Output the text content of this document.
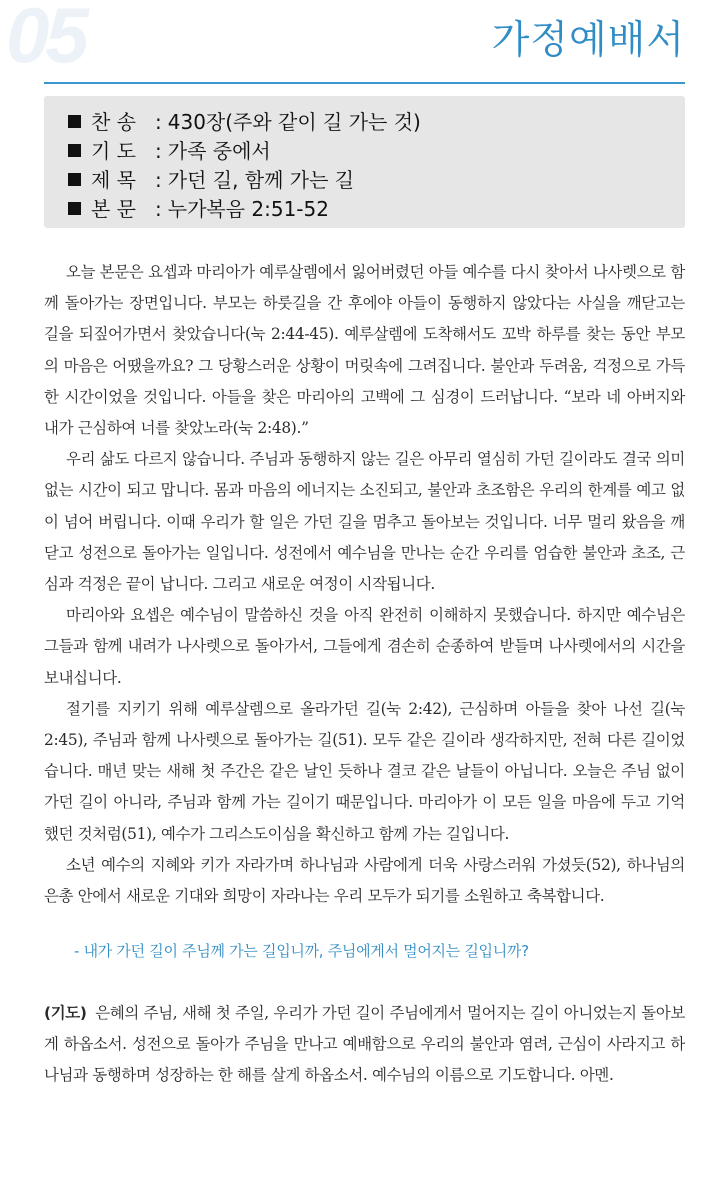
05	가정예배서
찬 송 : 430장(주와 같이 길 가는 것)
기 도 : 가족 중에서
제 목 : 가던 길, 함께 가는 길
본 문 : 누가복음 2:51-52

오늘 본문은 요셉과 마리아가 예루살렘에서 잃어버렸던 아들 예수를 다시 찾아서 나사렛으로 함께 돌아가는 장면입니다. 부모는 하룻길을 간 후에야 아들이 동행하지 않았다는 사실을 깨닫고는 길을 되짚어가면서 찾았습니다(눅 2:44-45). 예루살렘에 도착해서도 꼬박 하루를 찾는 동안 부모의 마음은 어땠을까요? 그 당황스러운 상황이 머릿속에 그려집니다. 불안과 두려움, 걱정으로 가득한 시간이었을 것입니다. 아들을 찾은 마리아의 고백에 그 심경이 드러납니다. “보라 네 아버지와 내가 근심하여 너를 찾았노라(눅 2:48).”

우리 삶도 다르지 않습니다. 주님과 동행하지 않는 길은 아무리 열심히 가던 길이라도 결국 의미 없는 시간이 되고 맙니다. 몸과 마음의 에너지는 소진되고, 불안과 초조함은 우리의 한계를 예고 없이 넘어 버립니다. 이때 우리가 할 일은 가던 길을 멈추고 돌아보는 것입니다. 너무 멀리 왔음을 깨닫고 성전으로 돌아가는 일입니다. 성전에서 예수님을 만나는 순간 우리를 엄습한 불안과 초조, 근심과 걱정은 끝이 납니다. 그리고 새로운 여정이 시작됩니다.

마리아와 요셉은 예수님이 말씀하신 것을 아직 완전히 이해하지 못했습니다. 하지만 예수님은 그들과 함께 내려가 나사렛으로 돌아가서, 그들에게 겸손히 순종하여 받들며 나사렛에서의 시간을 보내십니다.

절기를 지키기 위해 예루살렘으로 올라가던 길(눅 2:42), 근심하며 아들을 찾아 나선 길(눅 2:45), 주님과 함께 나사렛으로 돌아가는 길(51). 모두 같은 길이라 생각하지만, 전혀 다른 길이었습니다. 매년 맞는 새해 첫 주간은 같은 날인 듯하나 결코 같은 날들이 아닙니다. 오늘은 주님 없이 가던 길이 아니라, 주님과 함께 가는 길이기 때문입니다. 마리아가 이 모든 일을 마음에 두고 기억했던 것처럼(51), 예수가 그리스도이심을 확신하고 함께 가는 길입니다.

소년 예수의 지혜와 키가 자라가며 하나님과 사람에게 더욱 사랑스러워 가셨듯(52), 하나님의 은총 안에서 새로운 기대와 희망이 자라나는 우리 모두가 되기를 소원하고 축복합니다.

- 내가 가던 길이 주님께 가는 길입니까, 주님에게서 멀어지는 길입니까?
(기도) 은혜의 주님, 새해 첫 주일, 우리가 가던 길이 주님에게서 멀어지는 길이 아니었는지 돌아보게 하옵소서. 성전으로 돌아가 주님을 만나고 예배함으로 우리의 불안과 염려, 근심이 사라지고 하나님과 동행하며 성장하는 한 해를 살게 하옵소서. 예수님의 이름으로 기도합니다. 아멘.
